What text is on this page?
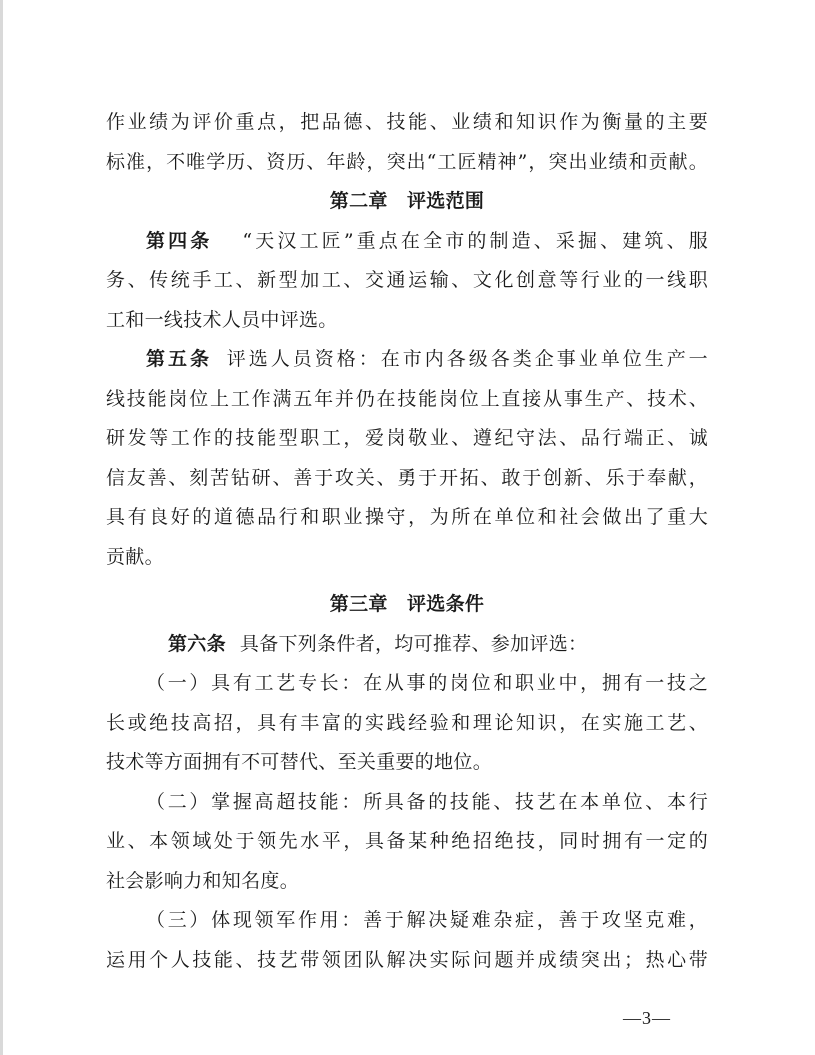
作业绩为评价重点，把品德、技能、业绩和知识作为衡量的主要
标准，不唯学历、资历、年龄，突出“工匠精神”，突出业绩和贡献。
第二章　评选范围
第四条 “天汉工匠”重点在全市的制造、采掘、建筑、服
务、传统手工、新型加工、交通运输、文化创意等行业的一线职
工和一线技术人员中评选。
第五条 评选人员资格：在市内各级各类企事业单位生产一
线技能岗位上工作满五年并仍在技能岗位上直接从事生产、技术、
研发等工作的技能型职工，爱岗敬业、遵纪守法、品行端正、诚
信友善、刻苦钻研、善于攻关、勇于开拓、敢于创新、乐于奉献，
具有良好的道德品行和职业操守，为所在单位和社会做出了重大
贡献。
第三章　评选条件
第六条 具备下列条件者，均可推荐、参加评选：
（一）具有工艺专长：在从事的岗位和职业中，拥有一技之
长或绝技高招，具有丰富的实践经验和理论知识，在实施工艺、
技术等方面拥有不可替代、至关重要的地位。
（二）掌握高超技能：所具备的技能、技艺在本单位、本行
业、本领域处于领先水平，具备某种绝招绝技，同时拥有一定的
社会影响力和知名度。
（三）体现领军作用：善于解决疑难杂症，善于攻坚克难，
运用个人技能、技艺带领团队解决实际问题并成绩突出；热心带
—3—
